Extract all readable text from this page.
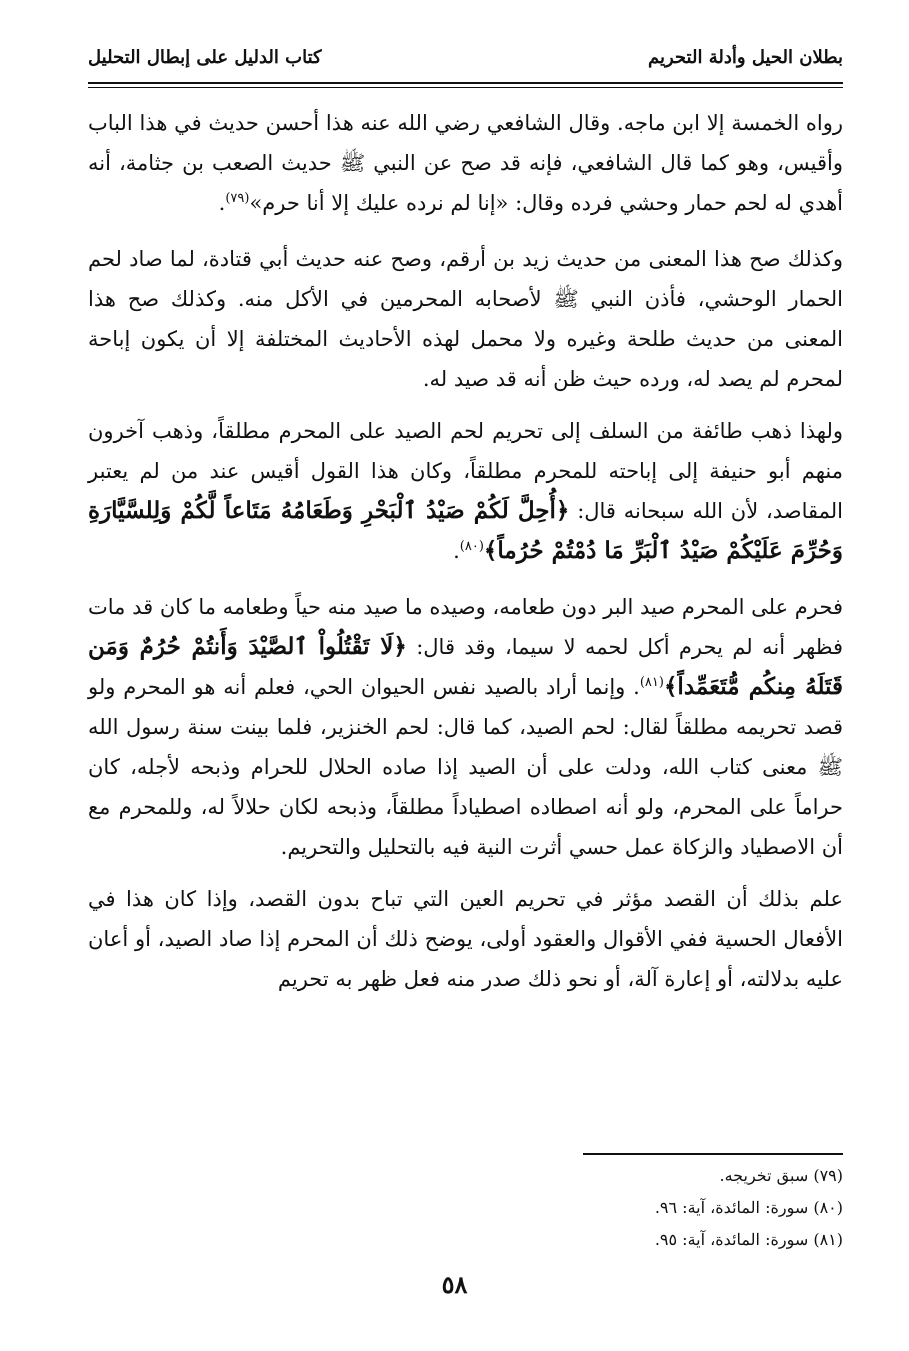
بطلان الحيل وأدلة التحريم
كتاب الدليل على إبطال التحليل

رواه الخمسة إلا ابن ماجه. وقال الشافعي رضي الله عنه هذا أحسن حديث في هذا الباب وأقيس، وهو كما قال الشافعي، فإنه قد صح عن النبي ﷺ حديث الصعب بن جثامة، أنه أهدي له لحم حمار وحشي فرده وقال: «إنا لم نرده عليك إلا أنا حرم»$^{(٧٩)}$.

وكذلك صح هذا المعنى من حديث زيد بن أرقم، وصح عنه حديث أبي قتادة، لما صاد لحم الحمار الوحشي، فأذن النبي ﷺ لأصحابه المحرمين في الأكل منه. وكذلك صح هذا المعنى من حديث طلحة وغيره ولا محمل لهذه الأحاديث المختلفة إلا أن يكون إباحة لمحرم لم يصد له، ورده حيث ظن أنه قد صيد له.

ولهذا ذهب طائفة من السلف إلى تحريم لحم الصيد على المحرم مطلقاً، وذهب آخرون منهم أبو حنيفة إلى إباحته للمحرم مطلقاً، وكان هذا القول أقيس عند من لم يعتبر المقاصد، لأن الله سبحانه قال: ﴿أُحِلَّ لَكُمْ صَيْدُ ٱلْبَحْرِ وَطَعَامُهُ مَتَاعاً لَّكُمْ وَلِلسَّيَّارَةِ وَحُرِّمَ عَلَيْكُمْ صَيْدُ ٱلْبَرِّ مَا دُمْتُمْ حُرُماً﴾$^{(٨٠)}$.

فحرم على المحرم صيد البر دون طعامه، وصيده ما صيد منه حياً وطعامه ما كان قد مات فظهر أنه لم يحرم أكل لحمه لا سيما، وقد قال: ﴿لَا تَقْتُلُواْ ٱلصَّيْدَ وَأَنتُمْ حُرُمٌ وَمَن قَتَلَهُ مِنكُم مُّتَعَمِّداً﴾$^{(٨١)}$. وإنما أراد بالصيد نفس الحيوان الحي، فعلم أنه هو المحرم ولو قصد تحريمه مطلقاً لقال: لحم الصيد، كما قال: لحم الخنزير، فلما بينت سنة رسول الله ﷺ معنى كتاب الله، ودلت على أن الصيد إذا صاده الحلال للحرام وذبحه لأجله، كان حراماً على المحرم، ولو أنه اصطاده اصطياداً مطلقاً، وذبحه لكان حلالاً له، وللمحرم مع أن الاصطياد والزكاة عمل حسي أثرت النية فيه بالتحليل والتحريم.

علم بذلك أن القصد مؤثر في تحريم العين التي تباح بدون القصد، وإذا كان هذا في الأفعال الحسية ففي الأقوال والعقود أولى، يوضح ذلك أن المحرم إذا صاد الصيد، أو أعان عليه بدلالته، أو إعارة آلة، أو نحو ذلك صدر منه فعل ظهر به تحريم

(٧٩) سبق تخريجه.
(٨٠) سورة: المائدة، آية: ٩٦.
(٨١) سورة: المائدة، آية: ٩٥.
٥٨
